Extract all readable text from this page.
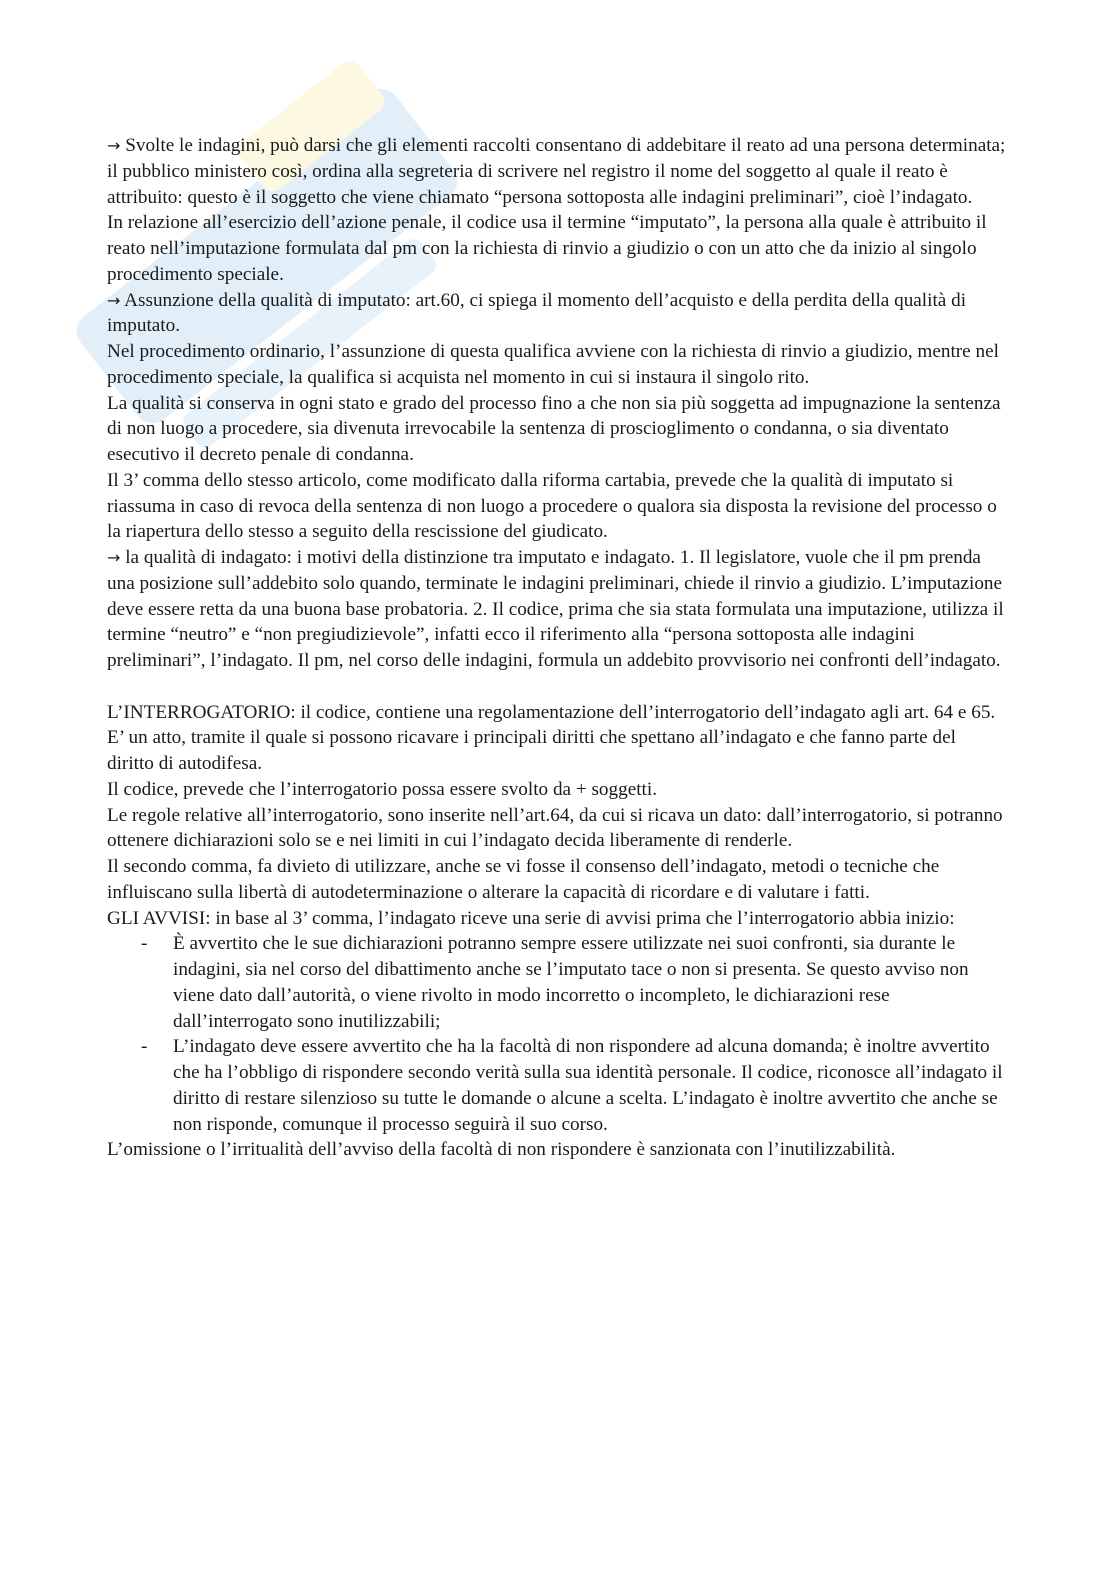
→ Svolte le indagini, può darsi che gli elementi raccolti consentano di addebitare il reato ad una persona determinata; il pubblico ministero così, ordina alla segreteria di scrivere nel registro il nome del soggetto al quale il reato è attribuito: questo è il soggetto che viene chiamato “persona sottoposta alle indagini preliminari”, cioè l’indagato.

In relazione all’esercizio dell’azione penale, il codice usa il termine “imputato”, la persona alla quale è attribuito il reato nell’imputazione formulata dal pm con la richiesta di rinvio a giudizio o con un atto che da inizio al singolo procedimento speciale.

→ Assunzione della qualità di imputato: art.60, ci spiega il momento dell’acquisto e della perdita della qualità di imputato.

Nel procedimento ordinario, l’assunzione di questa qualifica avviene con la richiesta di rinvio a giudizio, mentre nel procedimento speciale, la qualifica si acquista nel momento in cui si instaura il singolo rito.

La qualità si conserva in ogni stato e grado del processo fino a che non sia più soggetta ad impugnazione la sentenza di non luogo a procedere, sia divenuta irrevocabile la sentenza di proscioglimento o condanna, o sia diventato esecutivo il decreto penale di condanna.

Il 3’ comma dello stesso articolo, come modificato dalla riforma cartabia, prevede che la qualità di imputato si riassuma in caso di revoca della sentenza di non luogo a procedere o qualora sia disposta la revisione del processo o la riapertura dello stesso a seguito della rescissione del giudicato.

→ la qualità di indagato: i motivi della distinzione tra imputato e indagato. 1. Il legislatore, vuole che il pm prenda una posizione sull’addebito solo quando, terminate le indagini preliminari, chiede il rinvio a giudizio. L’imputazione deve essere retta da una buona base probatoria. 2. Il codice, prima che sia stata formulata una imputazione, utilizza il termine “neutro” e “non pregiudizievole”, infatti ecco il riferimento alla “persona sottoposta alle indagini preliminari”, l’indagato. Il pm, nel corso delle indagini, formula un addebito provvisorio nei confronti dell’indagato.

L’INTERROGATORIO: il codice, contiene una regolamentazione dell’interrogatorio dell’indagato agli art. 64 e 65. E’ un atto, tramite il quale si possono ricavare i principali diritti che spettano all’indagato e che fanno parte del diritto di autodifesa.

Il codice, prevede che l’interrogatorio possa essere svolto da + soggetti.

Le regole relative all’interrogatorio, sono inserite nell’art.64, da cui si ricava un dato: dall’interrogatorio, si potranno ottenere dichiarazioni solo se e nei limiti in cui l’indagato decida liberamente di renderle.

Il secondo comma, fa divieto di utilizzare, anche se vi fosse il consenso dell’indagato, metodi o tecniche che influiscano sulla libertà di autodeterminazione o alterare la capacità di ricordare e di valutare i fatti.

GLI AVVISI: in base al 3’ comma, l’indagato riceve una serie di avvisi prima che l’interrogatorio abbia inizio:

- È avvertito che le sue dichiarazioni potranno sempre essere utilizzate nei suoi confronti, sia durante le indagini, sia nel corso del dibattimento anche se l’imputato tace o non si presenta. Se questo avviso non viene dato dall’autorità, o viene rivolto in modo incorretto o incompleto, le dichiarazioni rese dall’interrogato sono inutilizzabili;
- L’indagato deve essere avvertito che ha la facoltà di non rispondere ad alcuna domanda; è inoltre avvertito che ha l’obbligo di rispondere secondo verità sulla sua identità personale. Il codice, riconosce all’indagato il diritto di restare silenzioso su tutte le domande o alcune a scelta. L’indagato è inoltre avvertito che anche se non risponde, comunque il processo seguirà il suo corso.

L’omissione o l’irritualità dell’avviso della facoltà di non rispondere è sanzionata con l’inutilizzabilità.
